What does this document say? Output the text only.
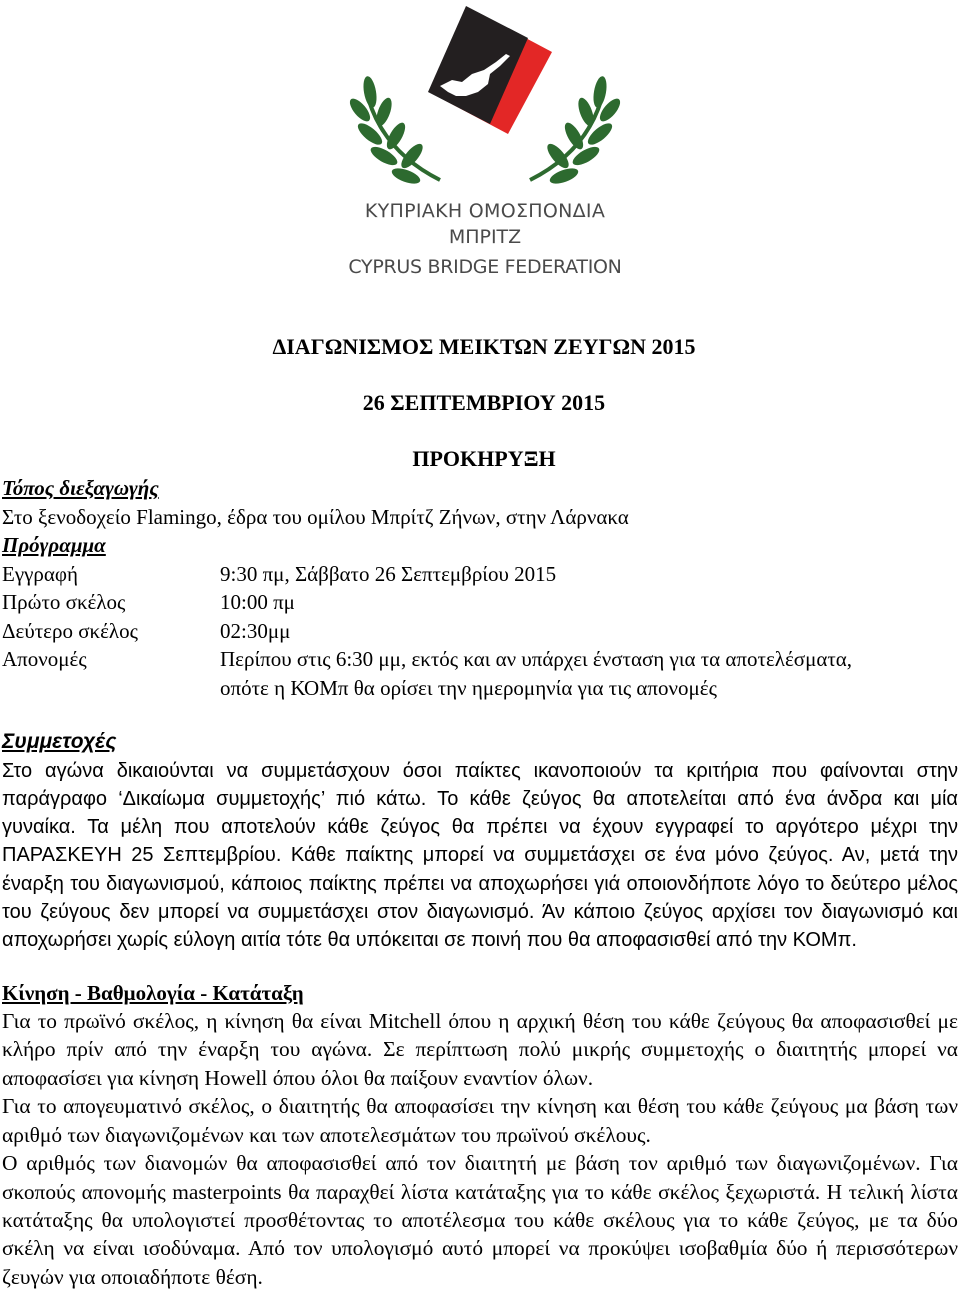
ΚΥΠΡΙΑΚΗ ΟΜΟΣΠΟΝΔΙΑ
ΜΠΡΙΤΖ
CYPRUS BRIDGE FEDERATION
ΔΙΑΓΩΝΙΣΜΟΣ ΜΕΙΚΤΩΝ ΖΕΥΓΩΝ 2015
26 ΣΕΠΤΕΜΒΡΙΟΥ 2015
ΠΡΟΚΗΡΥΞΗ
Τόπος διεξαγωγής
Στο ξενοδοχείο Flamingo, έδρα του ομίλου Μπρίτζ Ζήνων, στην Λάρνακα
Πρόγραμμα
Εγγραφή	9:30 πμ, Σάββατο 26 Σεπτεμβρίου 2015
Πρώτο σκέλος	10:00 πμ
Δεύτερο σκέλος	02:30μμ
Απονομές	Περίπου στις 6:30 μμ, εκτός και αν υπάρχει ένσταση για τα αποτελέσματα,
οπότε η ΚΟΜπ θα ορίσει την ημερομηνία για τις απονομές
Συμμετοχές
Στο αγώνα δικαιούνται να συμμετάσχουν όσοι παίκτες ικανοποιούν τα κριτήρια που φαίνονται στην παράγραφο ‘Δικαίωμα συμμετοχής’ πιό κάτω. Το κάθε ζεύγος θα αποτελείται από ένα άνδρα και μία γυναίκα. Τα μέλη που αποτελούν κάθε ζεύγος θα πρέπει να έχουν εγγραφεί το αργότερο μέχρι την ΠΑΡΑΣΚΕΥΗ 25 Σεπτεμβρίου. Κάθε παίκτης μπορεί να συμμετάσχει σε ένα μόνο ζεύγος. Αν, μετά την έναρξη του διαγωνισμού, κάποιος παίκτης πρέπει να αποχωρήσει γιά οποιονδήποτε λόγο το δεύτερο μέλος του ζεύγους δεν μπορεί να συμμετάσχει στον διαγωνισμό. Άν κάποιο ζεύγος αρχίσει τον διαγωνισμό και αποχωρήσει χωρίς εύλογη αιτία τότε θα υπόκειται σε ποινή που θα αποφασισθεί από την ΚΟΜπ.
Κίνηση - Βαθμολογία - Κατάταξη
Για το πρωϊνό σκέλος, η κίνηση θα είναι Mitchell όπου η αρχική θέση του κάθε ζεύγους θα αποφασισθεί με κλήρο πρίν από την έναρξη του αγώνα. Σε περίπτωση πολύ μικρής συμμετοχής ο διαιτητής μπορεί να αποφασίσει για κίνηση Howell όπου όλοι θα παίξουν εναντίον όλων.
Για το απογευματινό σκέλος, ο διαιτητής θα αποφασίσει την κίνηση και θέση του κάθε ζεύγους μα βάση των αριθμό των διαγωνιζομένων και των αποτελεσμάτων του πρωϊνού σκέλους.
Ο αριθμός των διανομών θα αποφασισθεί από τον διαιτητή με βάση τον αριθμό των διαγωνιζομένων. Για σκοπούς απονομής masterpoints θα παραχθεί λίστα κατάταξης για το κάθε σκέλος ξεχωριστά. Η τελική λίστα κατάταξης θα υπολογιστεί προσθέτοντας το αποτέλεσμα του κάθε σκέλους για το κάθε ζεύγος, με τα δύο σκέλη να είναι ισοδύναμα. Από τον υπολογισμό αυτό μπορεί να προκύψει ισοβαθμία δύο ή περισσότερων ζευγών για οποιαδήποτε θέση.
